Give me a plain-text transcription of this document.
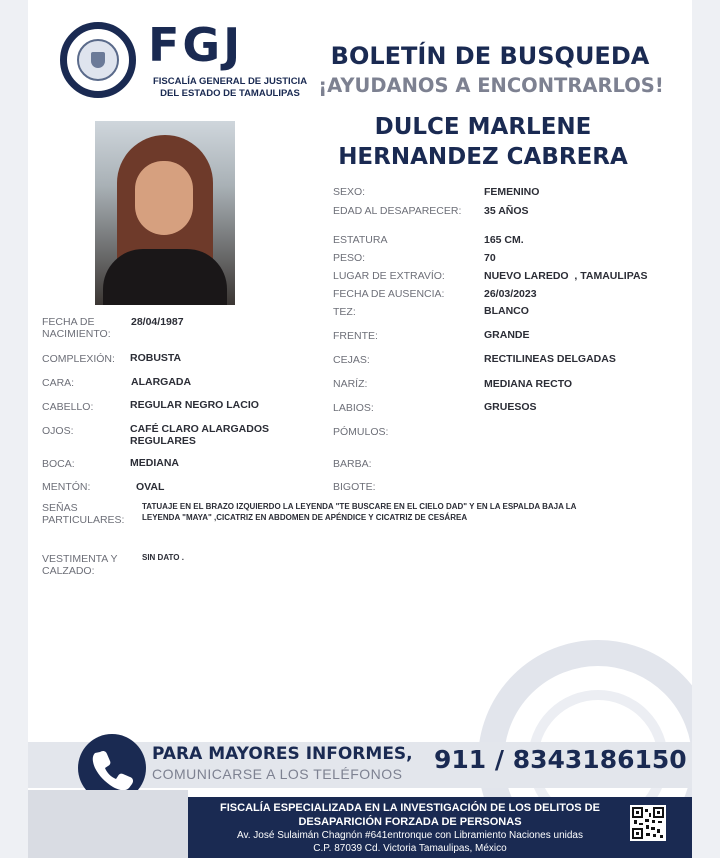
FGJ
FISCALÍA GENERAL DE JUSTICIA DEL ESTADO DE TAMAULIPAS
BOLETÍN DE BUSQUEDA
¡AYUDANOS A ENCONTRARLOS!
DULCE MARLENE
HERNANDEZ CABRERA
SEXO:	FEMENINO
EDAD AL DESAPARECER: 35 AÑOS
ESTATURA	165 CM.
PESO:	70
LUGAR DE EXTRAVÍO:	NUEVO LAREDO  , TAMAULIPAS
FECHA DE AUSENCIA:	26/03/2023
TEZ:	BLANCO
FRENTE:	GRANDE
CEJAS:	RECTILINEAS DELGADAS
NARÍZ:	MEDIANA RECTO
LABIOS:	GRUESOS
PÓMULOS:
BARBA:
BIGOTE:
FECHA DE
NACIMIENTO:
28/04/1987
COMPLEXIÓN: ROBUSTA
CARA:	ALARGADA
CABELLO:	REGULAR NEGRO LACIO
OJOS:	CAFÉ CLARO ALARGADOS
REGULARES
BOCA:	MEDIANA
MENTÓN:	OVAL
SEÑAS
PARTICULARES:
TATUAJE EN EL BRAZO IZQUIERDO LA LEYENDA "TE BUSCARE EN EL CIELO DAD" Y EN LA ESPALDA BAJA LA
LEYENDA "MAYA" ,CICATRIZ EN ABDOMEN DE APÉNDICE Y CICATRIZ DE CESÁREA
VESTIMENTA Y
CALZADO:
SIN DATO .
PARA MAYORES INFORMES,
COMUNICARSE A LOS TELÉFONOS 911 / 8343186150
FISCALÍA ESPECIALIZADA EN LA INVESTIGACIÓN DE LOS DELITOS DE
DESAPARICIÓN FORZADA DE PERSONAS
Av. José Sulaimán Chagnón #641entronque con Libramiento Naciones unidas
C.P. 87039 Cd. Victoria Tamaulipas, México
